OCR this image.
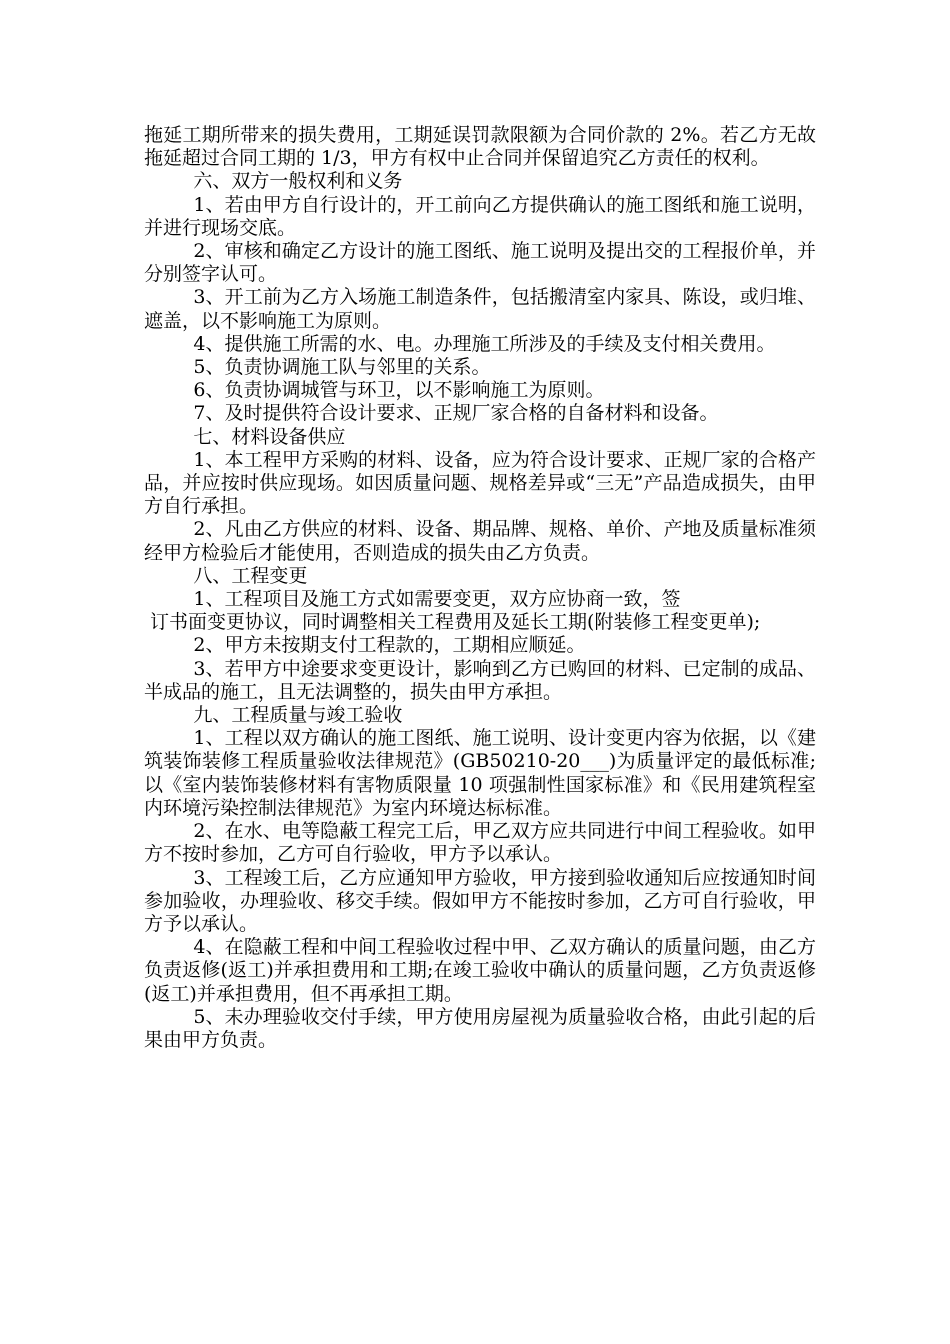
拖延工期所带来的损失费用，工期延误罚款限额为合同价款的 2%。若乙方无故拖延超过合同工期的 1/3，甲方有权中止合同并保留追究乙方责任的权利。

六、双方一般权利和义务

1、若由甲方自行设计的，开工前向乙方提供确认的施工图纸和施工说明，并进行现场交底。

2、审核和确定乙方设计的施工图纸、施工说明及提出交的工程报价单，并分别签字认可。

3、开工前为乙方入场施工制造条件，包括搬清室内家具、陈设，或归堆、遮盖，以不影响施工为原则。

4、提供施工所需的水、电。办理施工所涉及的手续及支付相关费用。

5、负责协调施工队与邻里的关系。

6、负责协调城管与环卫，以不影响施工为原则。

7、及时提供符合设计要求、正规厂家合格的自备材料和设备。

七、材料设备供应

1、本工程甲方采购的材料、设备，应为符合设计要求、正规厂家的合格产品，并应按时供应现场。如因质量问题、规格差异或“三无”产品造成损失，由甲方自行承担。

2、凡由乙方供应的材料、设备、期品牌、规格、单价、产地及质量标准须经甲方检验后才能使用，否则造成的损失由乙方负责。

八、工程变更

1、工程项目及施工方式如需要变更，双方应协商一致，签

订书面变更协议，同时调整相关工程费用及延长工期(附装修工程变更单);

2、甲方未按期支付工程款的，工期相应顺延。

3、若甲方中途要求变更设计，影响到乙方已购回的材料、已定制的成品、半成品的施工，且无法调整的，损失由甲方承担。

九、工程质量与竣工验收

1、工程以双方确认的施工图纸、施工说明、设计变更内容为依据，以《建筑装饰装修工程质量验收法律规范》(GB50210-20___)为质量评定的最低标准;以《室内装饰装修材料有害物质限量 10 项强制性国家标准》和《民用建筑程室内环境污染控制法律规范》为室内环境达标标准。

2、在水、电等隐蔽工程完工后，甲乙双方应共同进行中间工程验收。如甲方不按时参加，乙方可自行验收，甲方予以承认。

3、工程竣工后，乙方应通知甲方验收，甲方接到验收通知后应按通知时间参加验收，办理验收、移交手续。假如甲方不能按时参加，乙方可自行验收，甲方予以承认。

4、在隐蔽工程和中间工程验收过程中甲、乙双方确认的质量问题，由乙方负责返修(返工)并承担费用和工期;在竣工验收中确认的质量问题，乙方负责返修(返工)并承担费用，但不再承担工期。

5、未办理验收交付手续，甲方使用房屋视为质量验收合格，由此引起的后果由甲方负责。
